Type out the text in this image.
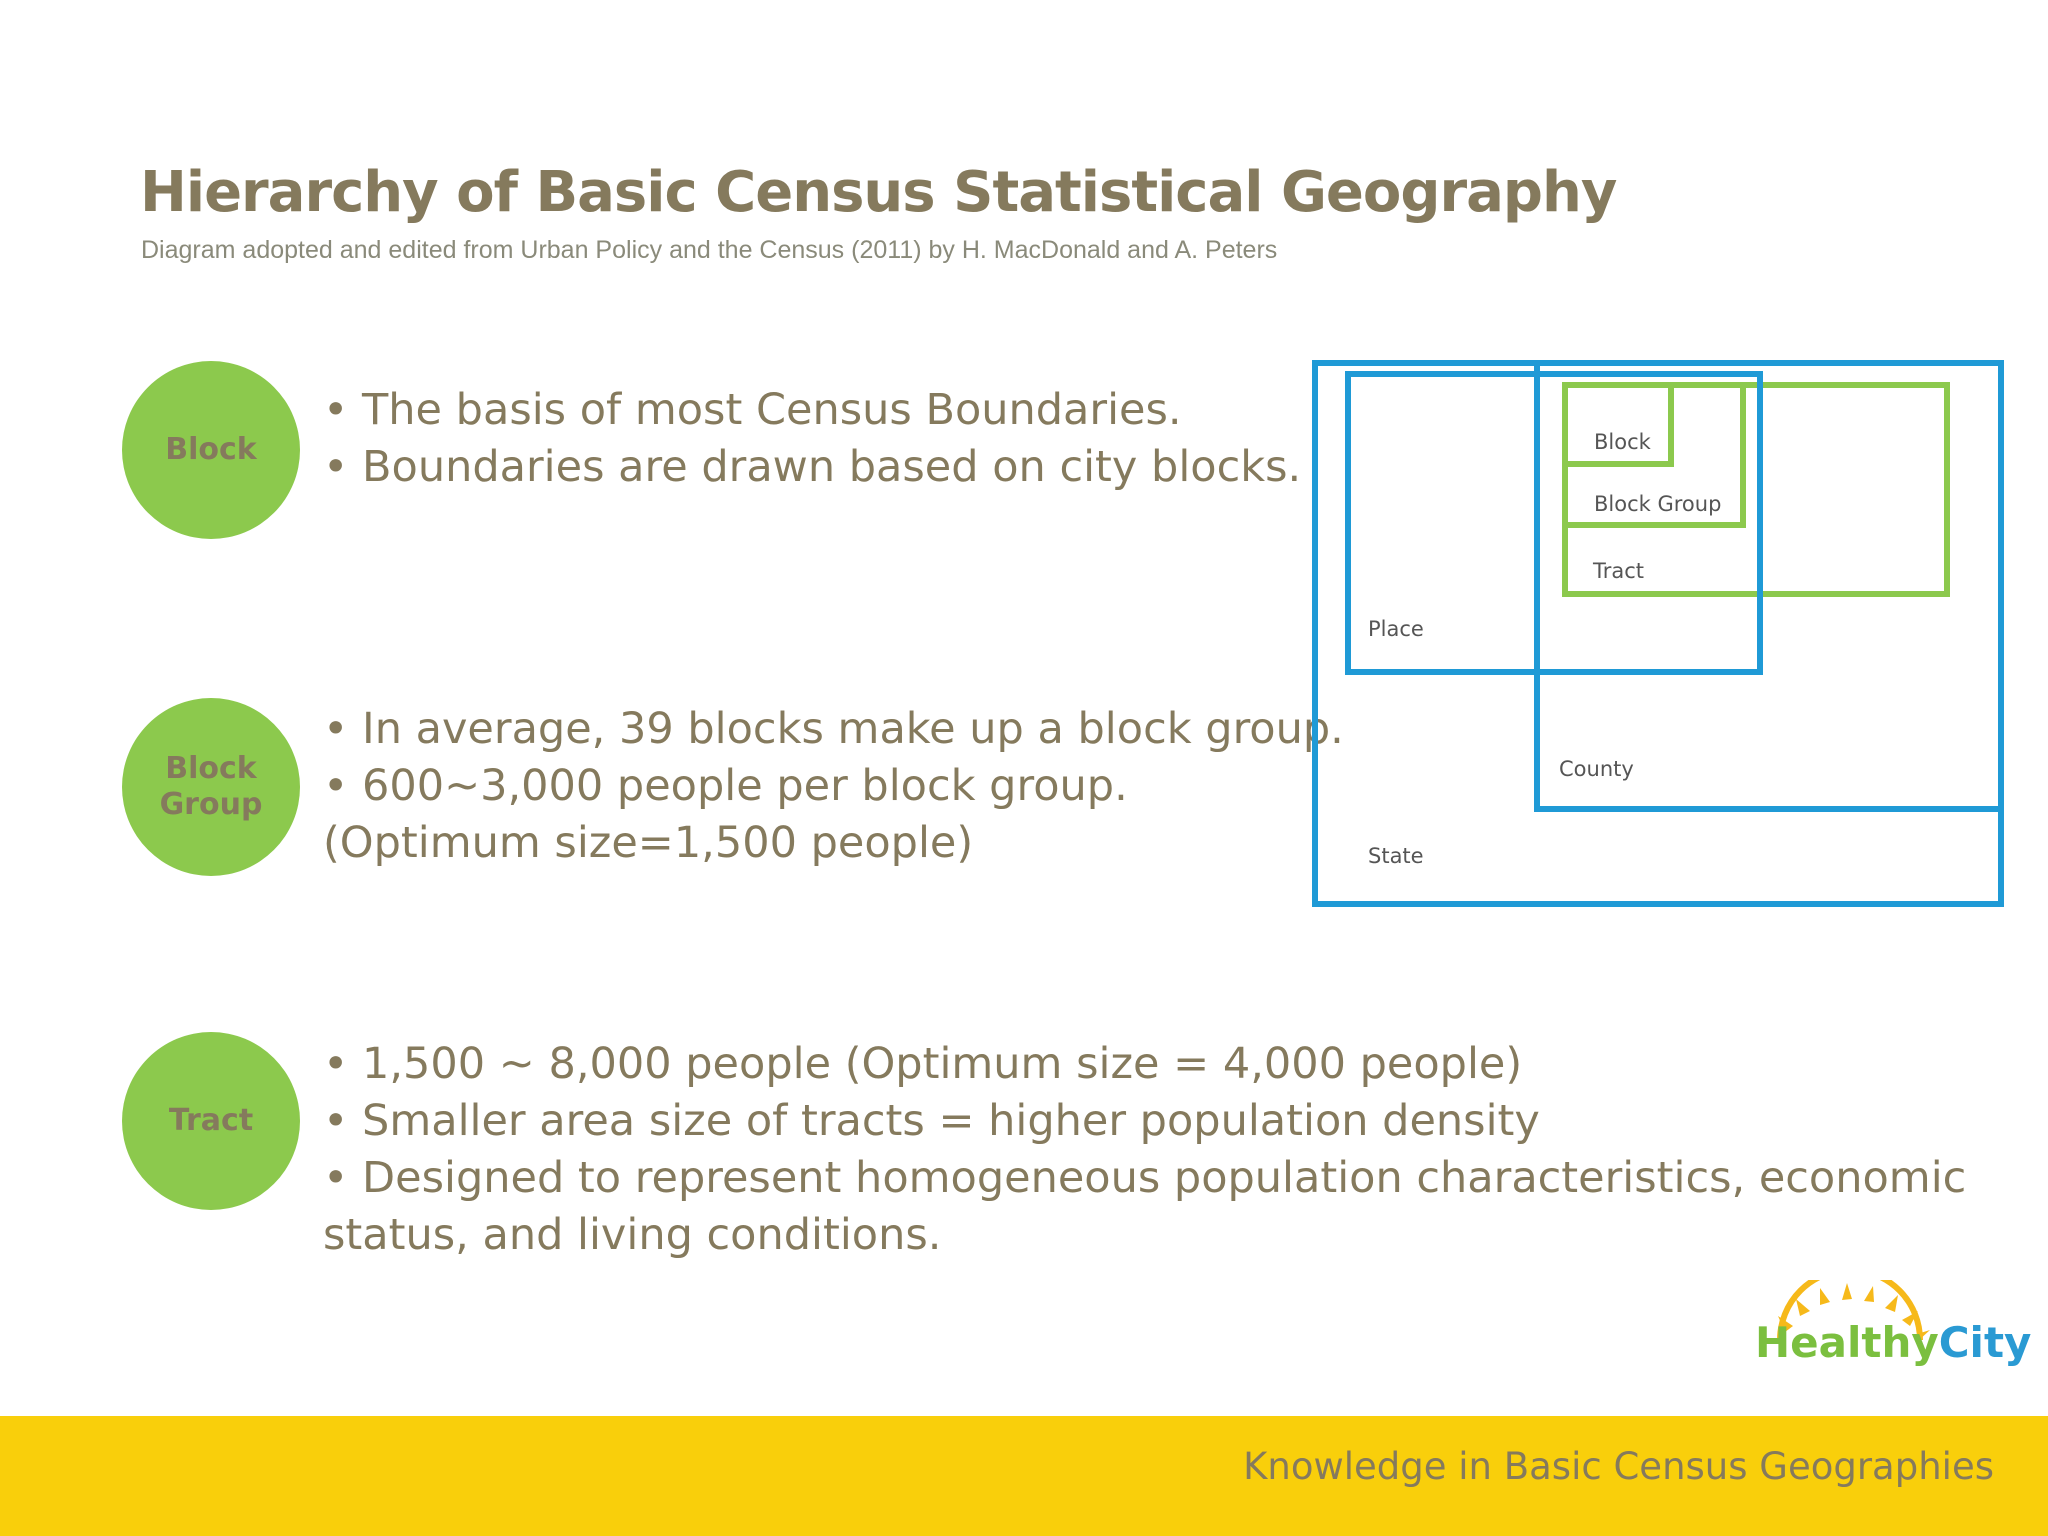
Hierarchy of Basic Census Statistical Geography
Diagram adopted and edited from Urban Policy and the Census (2011) by H. MacDonald and A. Peters
Block
• The basis of most Census Boundaries.
• Boundaries are drawn based on city blocks.
Block
Group
• In average, 39 blocks make up a block group.
• 600~3,000 people per block group.
(Optimum size=1,500 people)
Tract
• 1,500 ~ 8,000 people (Optimum size = 4,000 people)
• Smaller area size of tracts = higher population density
• Designed to represent homogeneous population characteristics, economic
status, and living conditions.
State
County
Place
Tract
Block Group
Block
HealthyCity
Knowledge in Basic Census Geographies
